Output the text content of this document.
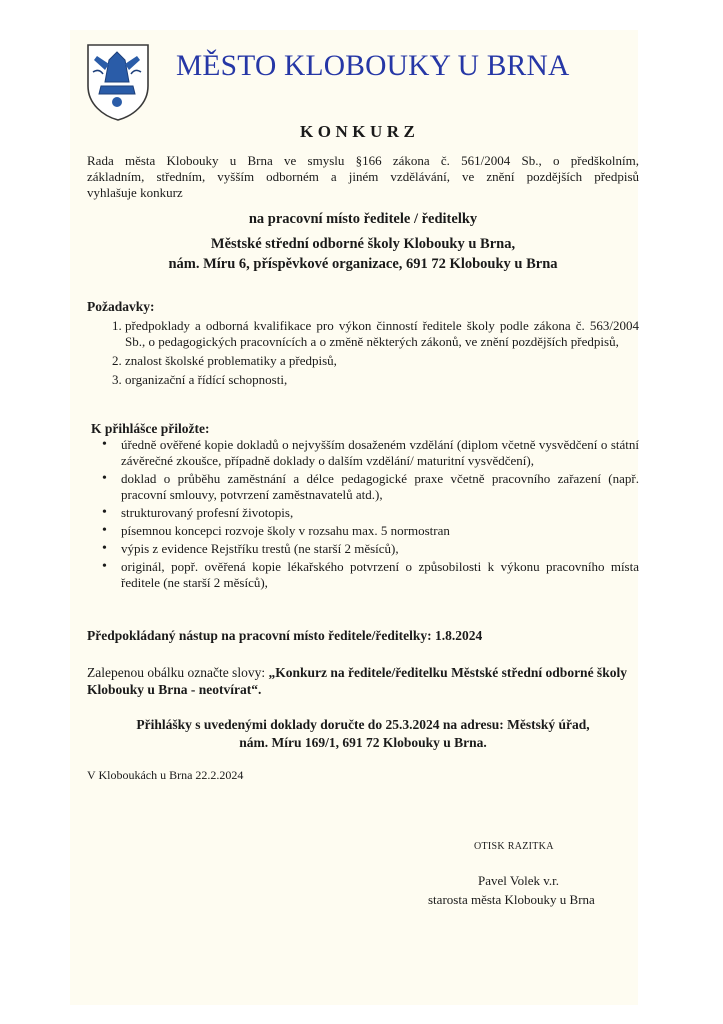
MĚSTO KLOBOUKY U BRNA
KONKURZ
Rada města Klobouky u Brna ve smyslu §166 zákona č. 561/2004 Sb., o předškolním,
základním, středním, vyšším odborném a jiném vzdělávání, ve znění pozdějších předpisů
vyhlašuje konkurz
na pracovní místo ředitele / ředitelky
Městské střední odborné školy Klobouky u Brna,
nám. Míru 6, příspěvkové organizace, 691 72 Klobouky u Brna
Požadavky:
1. předpoklady a odborná kvalifikace pro výkon činností ředitele školy podle zákona č. 563/2004 Sb., o pedagogických pracovnících a o změně některých zákonů, ve znění pozdějších předpisů,
2. znalost školské problematiky a předpisů,
3. organizační a řídící schopnosti,
K přihlášce přiložte:
• úředně ověřené kopie dokladů o nejvyšším dosaženém vzdělání (diplom včetně vysvědčení o státní závěrečné zkoušce, případně doklady o dalším vzdělání/ maturitní vysvědčení),
• doklad o průběhu zaměstnání a délce pedagogické praxe včetně pracovního zařazení (např. pracovní smlouvy, potvrzení zaměstnavatelů atd.),
• strukturovaný profesní životopis,
• písemnou koncepci rozvoje školy v rozsahu max. 5 normostran
• výpis z evidence Rejstříku trestů (ne starší 2 měsíců),
• originál, popř. ověřená kopie lékařského potvrzení o způsobilosti k výkonu pracovního místa ředitele (ne starší 2 měsíců),
Předpokládaný nástup na pracovní místo ředitele/ředitelky: 1.8.2024
Zalepenou obálku označte slovy: „Konkurz na ředitele/ředitelku Městské střední odborné školy Klobouky u Brna - neotvírat“.
Přihlášky s uvedenými doklady doručte do 25.3.2024 na adresu: Městský úřad,
nám. Míru 169/1, 691 72 Klobouky u Brna.
V Kloboukách u Brna 22.2.2024
OTISK RAZITKA
Pavel Volek v.r.
starosta města Klobouky u Brna
